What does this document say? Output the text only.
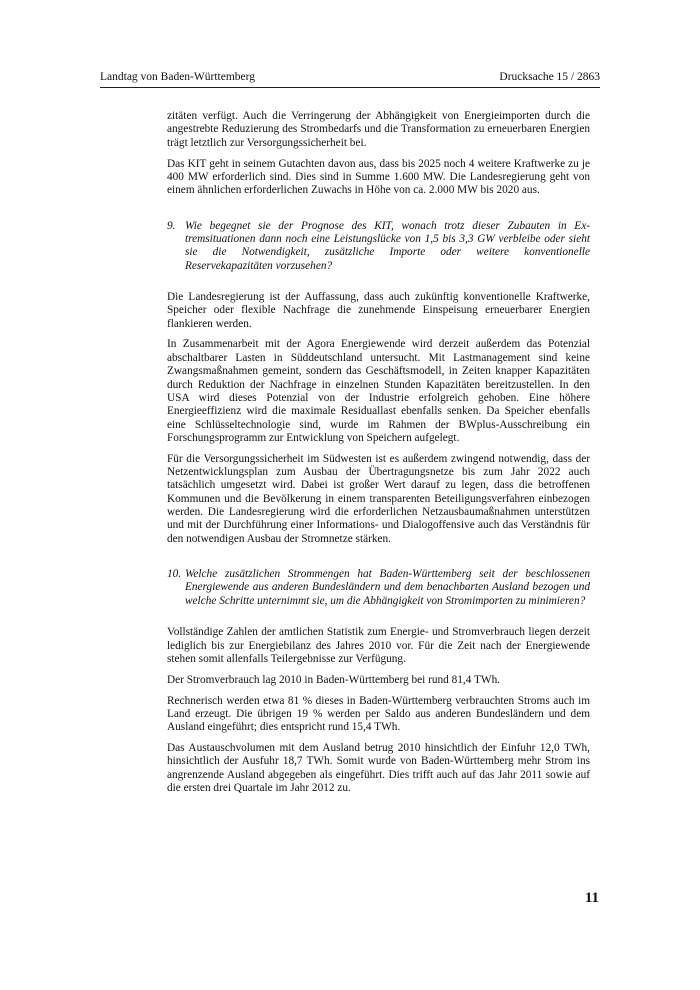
Landtag von Baden-Württemberg	Drucksache 15 / 2863

zitäten verfügt. Auch die Verringerung der Abhängigkeit von Energieimporten durch die angestrebte Reduzierung des Strombedarfs und die Transformation zu erneuerbaren Energien trägt letztlich zur Versorgungssicherheit bei.

Das KIT geht in seinem Gutachten davon aus, dass bis 2025 noch 4 weitere Kraftwerke zu je 400 MW erforderlich sind. Dies sind in Summe 1.600 MW. Die Landesregierung geht von einem ähnlichen erforderlichen Zuwachs in Höhe von ca. 2.000 MW bis 2020 aus.

9. Wie begegnet sie der Prognose des KIT, wonach trotz dieser Zubauten in Extremsituationen dann noch eine Leistungslücke von 1,5 bis 3,3 GW verbleibe oder sieht sie die Notwendigkeit, zusätzliche Importe oder weitere konventionelle Reservekapazitäten vorzusehen?

Die Landesregierung ist der Auffassung, dass auch zukünftig konventionelle Kraftwerke, Speicher oder flexible Nachfrage die zunehmende Einspeisung erneuerbarer Energien flankieren werden.

In Zusammenarbeit mit der Agora Energiewende wird derzeit außerdem das Potenzial abschaltbarer Lasten in Süddeutschland untersucht. Mit Lastmanagement sind keine Zwangsmaßnahmen gemeint, sondern das Geschäftsmodell, in Zeiten knapper Kapazitäten durch Reduktion der Nachfrage in einzelnen Stunden Kapazitäten bereitzustellen. In den USA wird dieses Potenzial von der Industrie erfolgreich gehoben. Eine höhere Energieeffizienz wird die maximale Residuallast ebenfalls senken. Da Speicher ebenfalls eine Schlüsseltechnologie sind, wurde im Rahmen der BWplus-Ausschreibung ein Forschungsprogramm zur Entwicklung von Speichern aufgelegt.

Für die Versorgungssicherheit im Südwesten ist es außerdem zwingend notwendig, dass der Netzentwicklungsplan zum Ausbau der Übertragungsnetze bis zum Jahr 2022 auch tatsächlich umgesetzt wird. Dabei ist großer Wert darauf zu legen, dass die betroffenen Kommunen und die Bevölkerung in einem transparenten Beteiligungsverfahren einbezogen werden. Die Landesregierung wird die erforderlichen Netzausbaumaßnahmen unterstützen und mit der Durchführung einer Informations- und Dialogoffensive auch das Verständnis für den notwendigen Ausbau der Stromnetze stärken.

10. Welche zusätzlichen Strommengen hat Baden-Württemberg seit der beschlossenen Energiewende aus anderen Bundesländern und dem benachbarten Ausland bezogen und welche Schritte unternimmt sie, um die Abhängigkeit von Stromimporten zu minimieren?

Vollständige Zahlen der amtlichen Statistik zum Energie- und Stromverbrauch liegen derzeit lediglich bis zur Energiebilanz des Jahres 2010 vor. Für die Zeit nach der Energiewende stehen somit allenfalls Teilergebnisse zur Verfügung.

Der Stromverbrauch lag 2010 in Baden-Württemberg bei rund 81,4 TWh.

Rechnerisch werden etwa 81 % dieses in Baden-Württemberg verbrauchten Stroms auch im Land erzeugt. Die übrigen 19 % werden per Saldo aus anderen Bundesländern und dem Ausland eingeführt; dies entspricht rund 15,4 TWh.

Das Austauschvolumen mit dem Ausland betrug 2010 hinsichtlich der Einfuhr 12,0 TWh, hinsichtlich der Ausfuhr 18,7 TWh. Somit wurde von Baden-Württemberg mehr Strom ins angrenzende Ausland abgegeben als eingeführt. Dies trifft auch auf das Jahr 2011 sowie auf die ersten drei Quartale im Jahr 2012 zu.

11
